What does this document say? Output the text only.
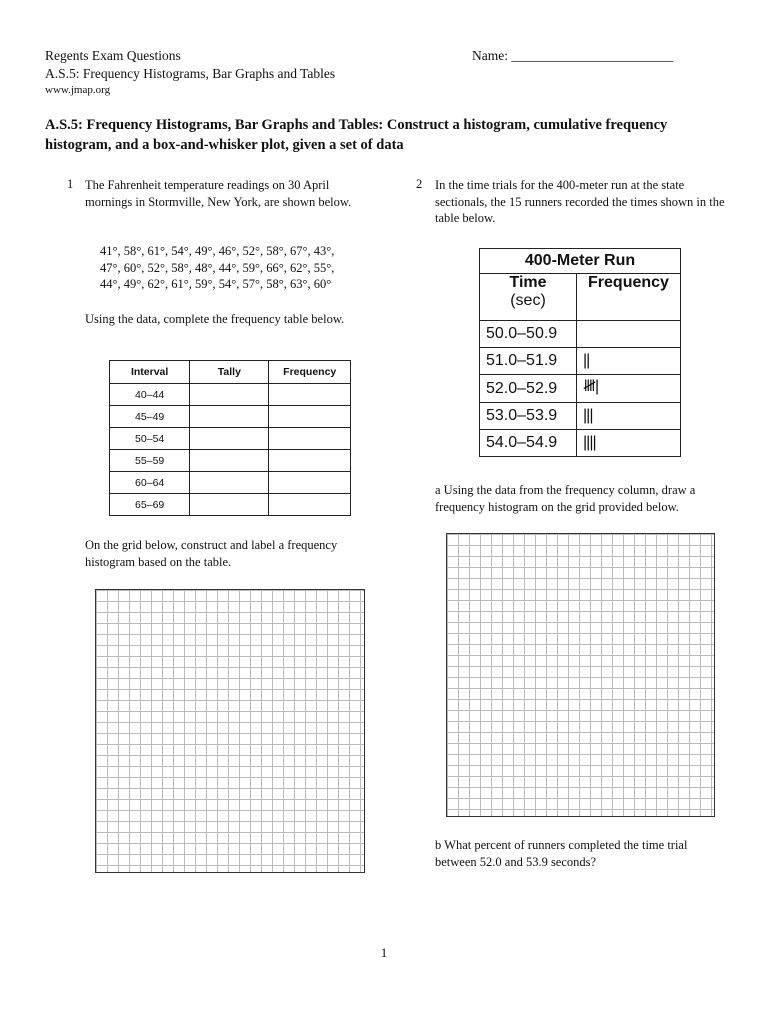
Regents Exam Questions
A.S.5: Frequency Histograms, Bar Graphs and Tables
www.jmap.org
Name: ________________________
A.S.5: Frequency Histograms, Bar Graphs and Tables: Construct a histogram, cumulative frequency histogram, and a box-and-whisker plot, given a set of data
1 The Fahrenheit temperature readings on 30 April mornings in Stormville, New York, are shown below.
41°, 58°, 61°, 54°, 49°, 46°, 52°, 58°, 67°, 43°,
47°, 60°, 52°, 58°, 48°, 44°, 59°, 66°, 62°, 55°,
44°, 49°, 62°, 61°, 59°, 54°, 57°, 58°, 63°, 60°
Using the data, complete the frequency table below.
Interval	Tally	Frequency
40–44		
45–49		
50–54		
55–59		
60–64		
65–69		
On the grid below, construct and label a frequency histogram based on the table.
2 In the time trials for the 400-meter run at the state sectionals, the 15 runners recorded the times shown in the table below.
400-Meter Run	
Time
(sec)	Frequency
50.0–50.9	
51.0–51.9	||
52.0–52.9	𝍸|
53.0–53.9	|||
54.0–54.9	||||
a Using the data from the frequency column, draw a frequency histogram on the grid provided below.
b What percent of runners completed the time trial between 52.0 and 53.9 seconds?
1
